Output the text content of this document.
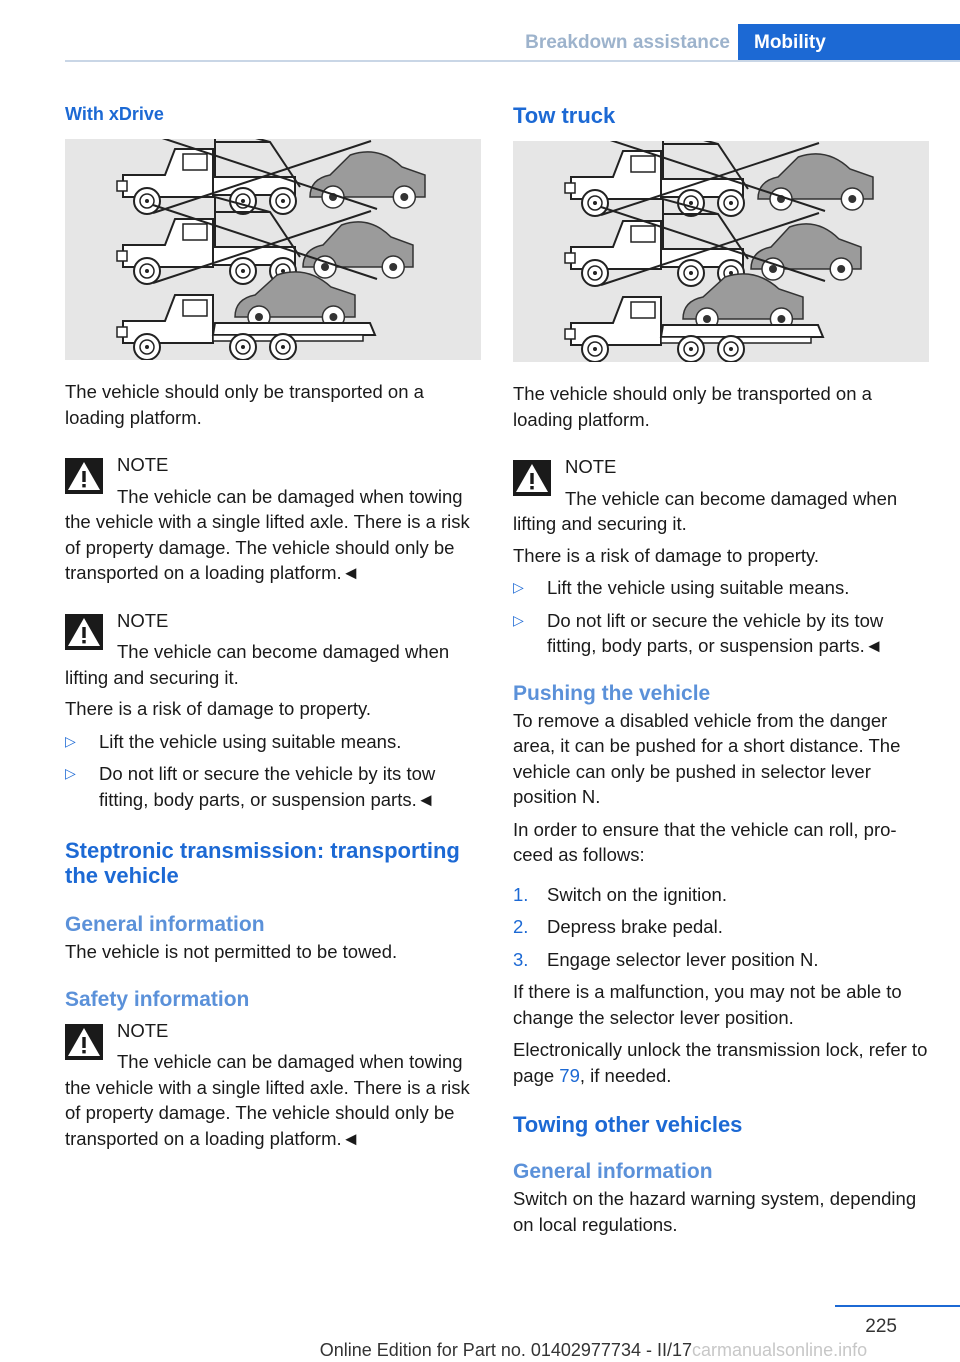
Breakdown assistance	Mobility
With xDrive

The vehicle should only be transported on a loading platform.

NOTE
The vehicle can be damaged when towing the vehicle with a single lifted axle. There is a risk of property damage. The vehicle should only be transported on a loading platform.◄
NOTE
The vehicle can become damaged when lifting and securing it.

There is a risk of damage to property.

▷ Lift the vehicle using suitable means.
▷ Do not lift or secure the vehicle by its tow fitting, body parts, or suspension parts.◄
Steptronic transmission: transporting the vehicle
General information

The vehicle is not permitted to be towed.

Safety information
NOTE
The vehicle can be damaged when towing the vehicle with a single lifted axle. There is a risk of property damage. The vehicle should only be transported on a loading platform.◄
Tow truck

The vehicle should only be transported on a loading platform.

NOTE
The vehicle can become damaged when lifting and securing it.

There is a risk of damage to property.

▷ Lift the vehicle using suitable means.
▷ Do not lift or secure the vehicle by its tow fitting, body parts, or suspension parts.◄
Pushing the vehicle

To remove a disabled vehicle from the danger area, it can be pushed for a short distance. The vehicle can only be pushed in selector lever position N.

In order to ensure that the vehicle can roll, proceed as follows:

1. Switch on the ignition.
2. Depress brake pedal.
3. Engage selector lever position N.

If there is a malfunction, you may not be able to change the selector lever position.

Electronically unlock the transmission lock, refer to page 79, if needed.

Towing other vehicles
General information

Switch on the hazard warning system, depending on local regulations.

225
Online Edition for Part no. 01402977734 - II/17 carmanualsonline.info
